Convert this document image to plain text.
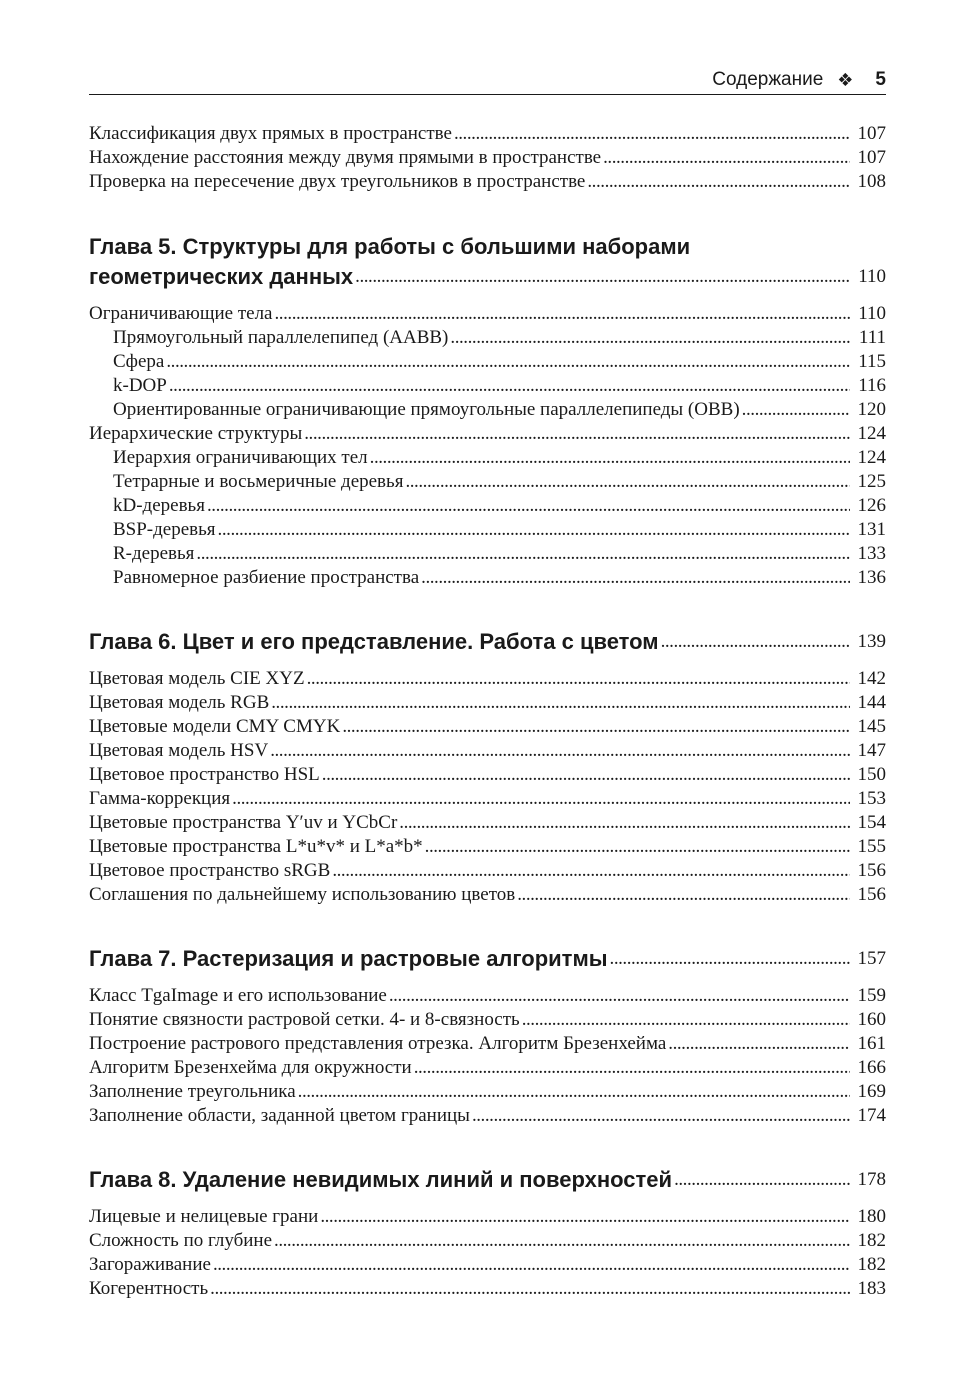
Содержание ❖ 5
Классификация двух прямых в пространстве . . .	107
Нахождение расстояния между двумя прямыми в пространстве . . .	107
Проверка на пересечение двух треугольников в пространстве . . .	108
Глава 5. Структуры для работы с большими наборами
геометрических данных . . .	110
Ограничивающие тела . . .	110
Прямоугольный параллелепипед (AABB) . . .	111
Сфера . . .	115
k-DOP . . .	116
Ориентированные ограничивающие прямоугольные параллелепипеды (OBB) . . .	120
Иерархические структуры . . .	124
Иерархия ограничивающих тел . . .	124
Тетрарные и восьмеричные деревья . . .	125
kD-деревья . . .	126
BSP-деревья . . .	131
R-деревья . . .	133
Равномерное разбиение пространства . . .	136
Глава 6. Цвет и его представление. Работа с цветом . . .	139
Цветовая модель CIE XYZ . . .	142
Цветовая модель RGB . . .	144
Цветовые модели CMY CMYK . . .	145
Цветовая модель HSV . . .	147
Цветовое пространство HSL . . .	150
Гамма-коррекция . . .	153
Цветовые пространства Y′uv и YCbCr . . .	154
Цветовые пространства L*u*v* и L*a*b* . . .	155
Цветовое пространство sRGB . . .	156
Соглашения по дальнейшему использованию цветов . . .	156
Глава 7. Растеризация и растровые алгоритмы . . .	157
Класс TgaImage и его использование . . .	159
Понятие связности растровой сетки. 4- и 8-связность . . .	160
Построение растрового представления отрезка. Алгоритм Брезенхейма . . .	161
Алгоритм Брезенхейма для окружности . . .	166
Заполнение треугольника . . .	169
Заполнение области, заданной цветом границы . . .	174
Глава 8. Удаление невидимых линий и поверхностей . . .	178
Лицевые и нелицевые грани . . .	180
Сложность по глубине . . .	182
Загораживание . . .	182
Когерентность . . .	183
